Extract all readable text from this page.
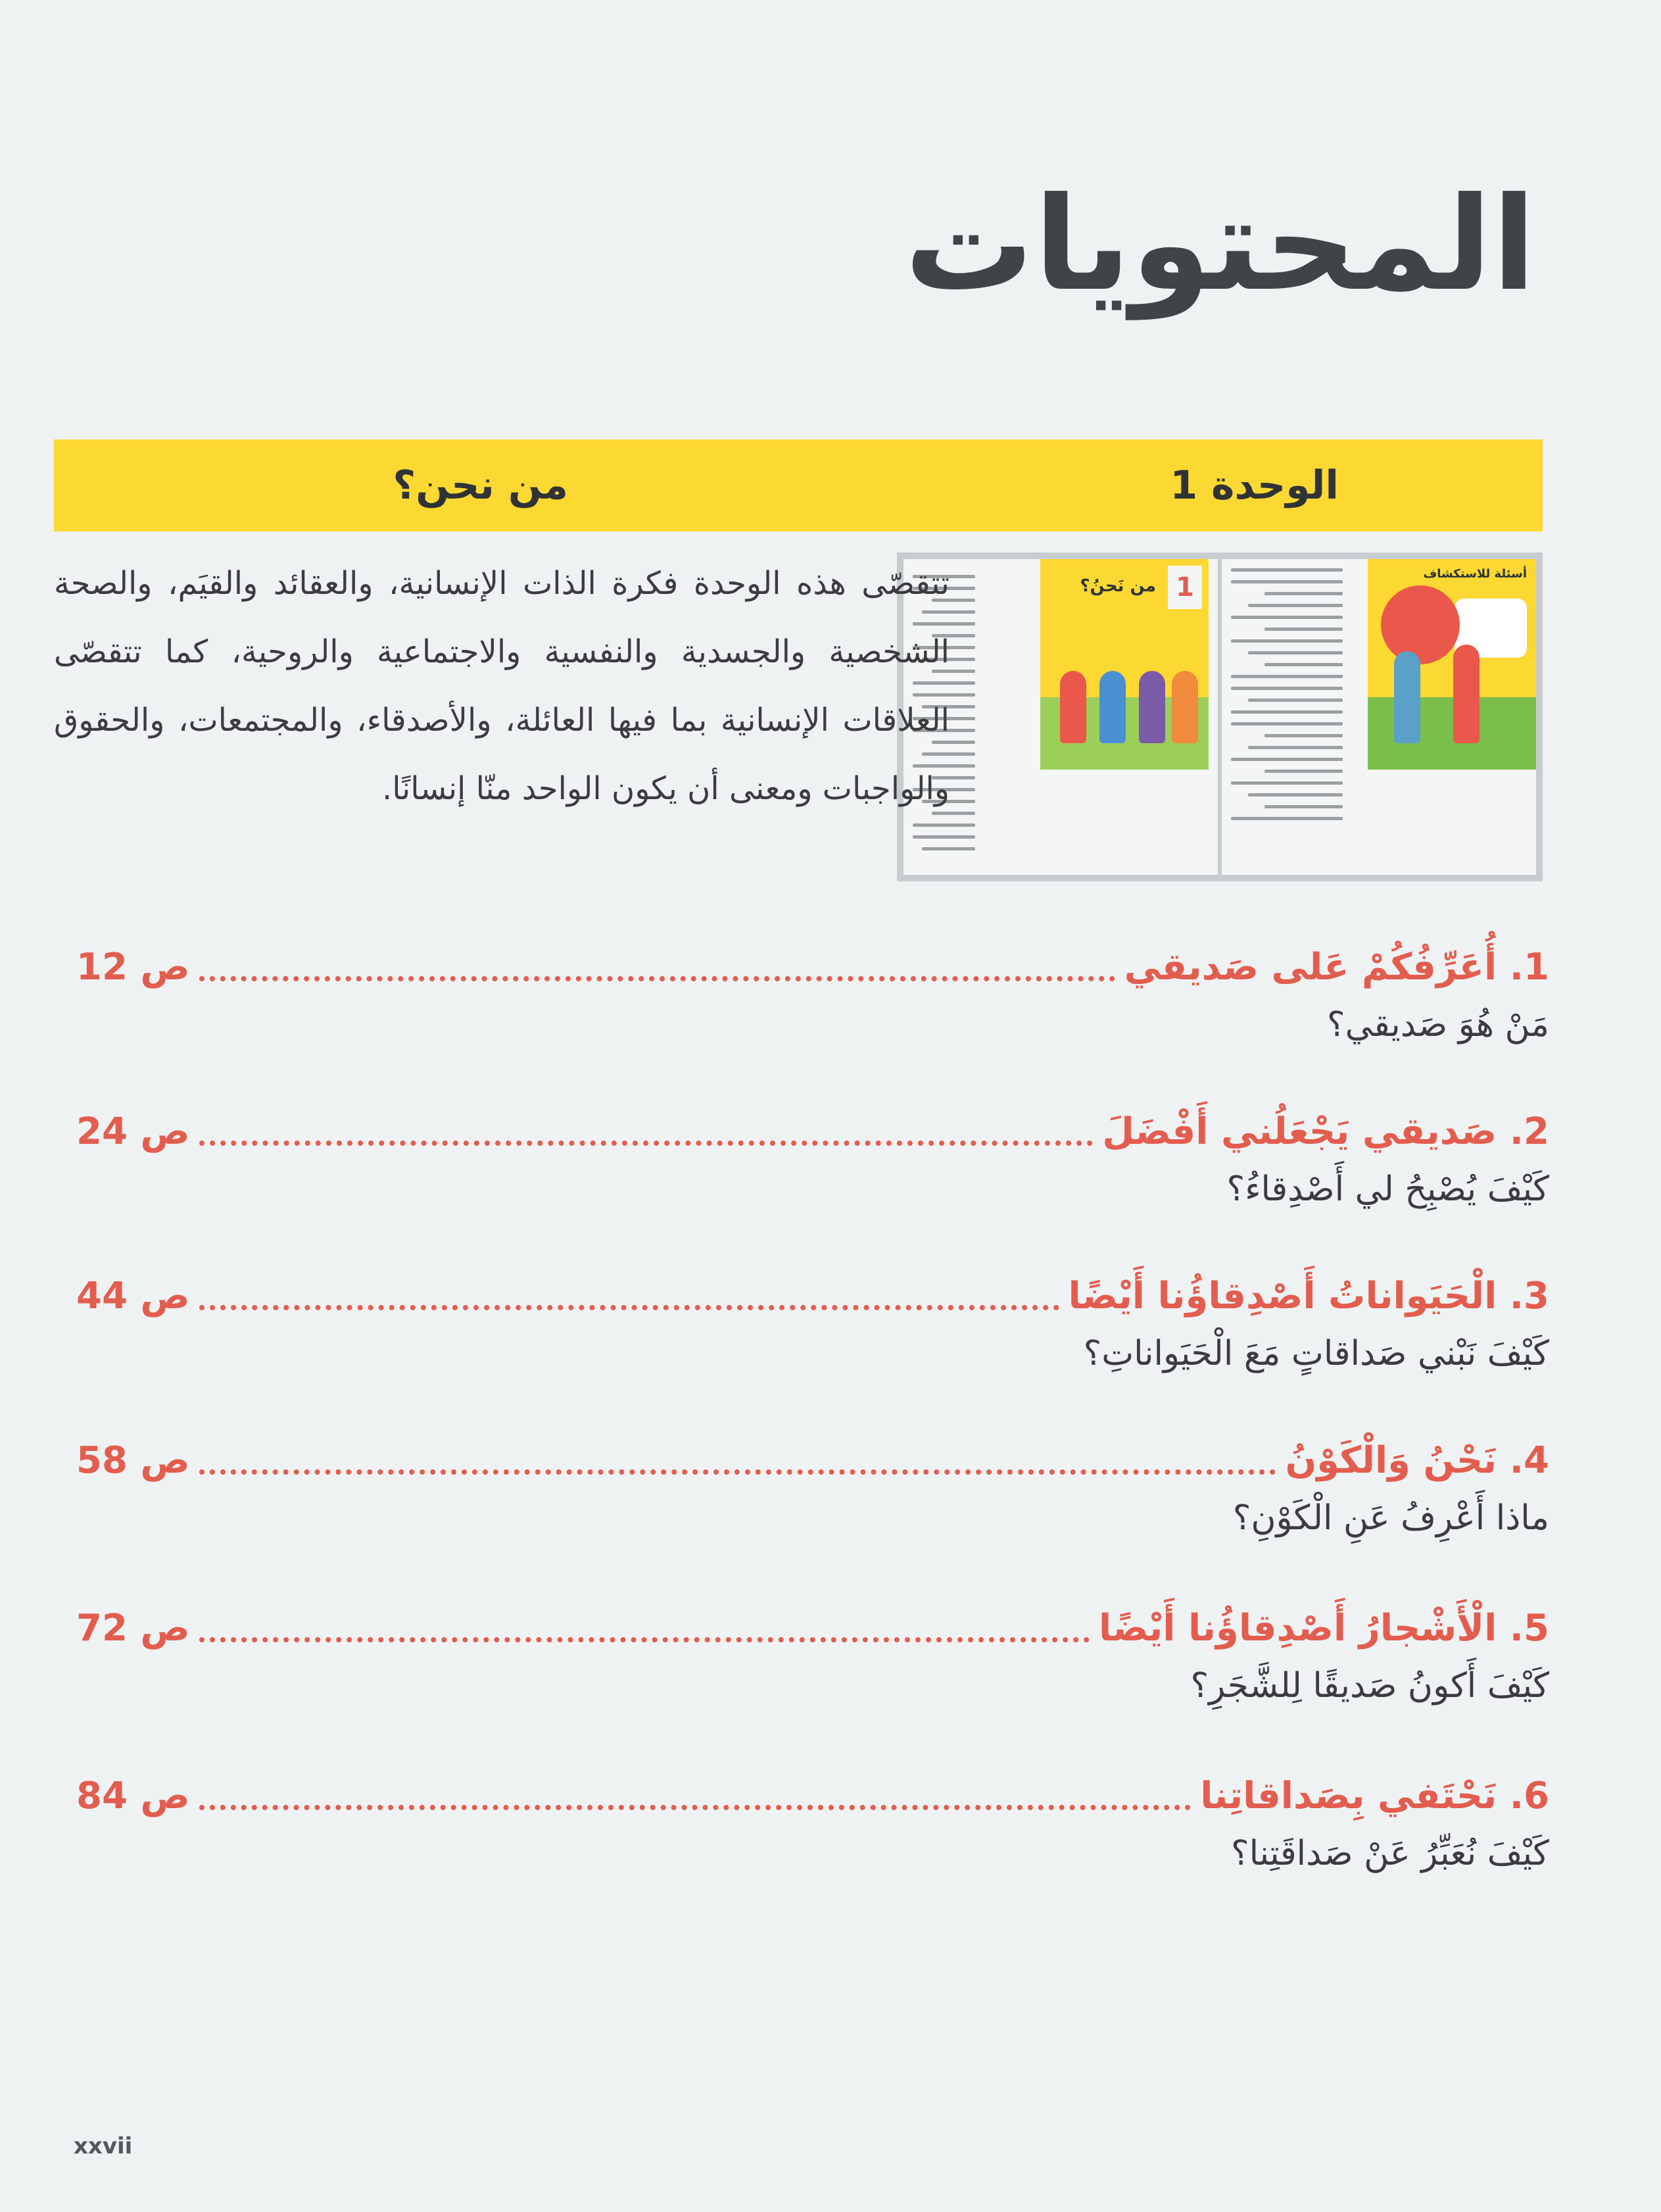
المحتويات
الوحدة 1
من نحن؟
1
من نَحنُ؟
أسئلة للاستكشاف

تتقصّى هذه الوحدة فكرة الذات الإنسانية، والعقائد والقيَم، والصحة الشخصية والجسدية والنفسية والاجتماعية والروحية، كما تتقصّى العلاقات الإنسانية بما فيها العائلة، والأصدقاء، والمجتمعات، والحقوق والواجبات ومعنى أن يكون الواحد منّا إنسانًا.

1. أُعَرِّفُكُمْ عَلى صَديقي
ص 12
مَنْ هُوَ صَديقي؟
2. صَديقي يَجْعَلُني أَفْضَلَ
ص 24
كَيْفَ يُصْبِحُ لي أَصْدِقاءُ؟
3. الْحَيَواناتُ أَصْدِقاؤُنا أَيْضًا
ص 44
كَيْفَ نَبْني صَداقاتٍ مَعَ الْحَيَواناتِ؟
4. نَحْنُ وَالْكَوْنُ
ص 58
ماذا أَعْرِفُ عَنِ الْكَوْنِ؟
5. الْأَشْجارُ أَصْدِقاؤُنا أَيْضًا
ص 72
كَيْفَ أَكونُ صَديقًا لِلشَّجَرِ؟
6. نَحْتَفي بِصَداقاتِنا
ص 84
كَيْفَ نُعَبِّرُ عَنْ صَداقَتِنا؟
xxvii
